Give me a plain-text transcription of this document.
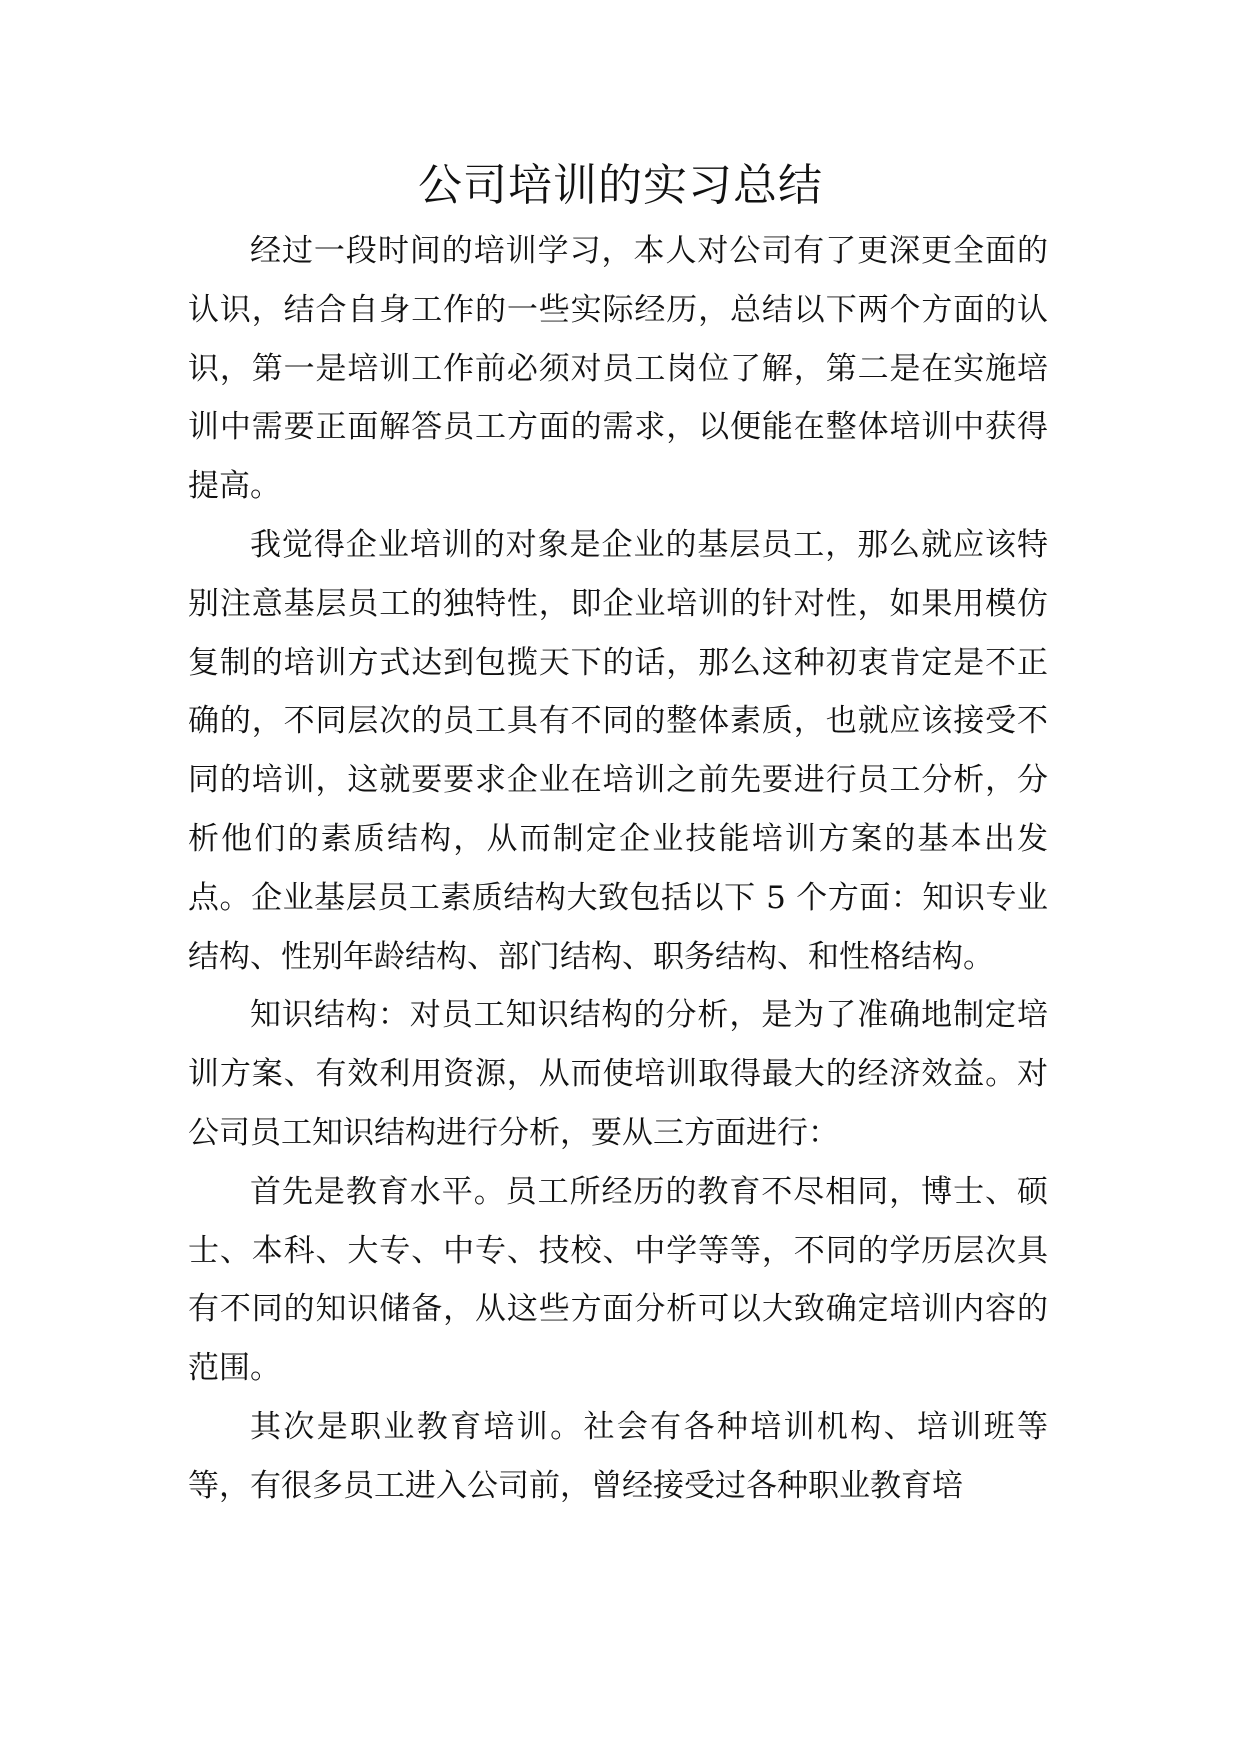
公司培训的实习总结

经过一段时间的培训学习，本人对公司有了更深更全面的认识，结合自身工作的一些实际经历，总结以下两个方面的认识，第一是培训工作前必须对员工岗位了解，第二是在实施培训中需要正面解答员工方面的需求，以便能在整体培训中获得提高。

我觉得企业培训的对象是企业的基层员工，那么就应该特别注意基层员工的独特性，即企业培训的针对性，如果用模仿复制的培训方式达到包揽天下的话，那么这种初衷肯定是不正确的，不同层次的员工具有不同的整体素质，也就应该接受不同的培训，这就要要求企业在培训之前先要进行员工分析，分析他们的素质结构，从而制定企业技能培训方案的基本出发点。企业基层员工素质结构大致包括以下 5 个方面：知识专业结构、性别年龄结构、部门结构、职务结构、和性格结构。

知识结构：对员工知识结构的分析，是为了准确地制定培训方案、有效利用资源，从而使培训取得最大的经济效益。对公司员工知识结构进行分析，要从三方面进行：

首先是教育水平。员工所经历的教育不尽相同，博士、硕士、本科、大专、中专、技校、中学等等，不同的学历层次具有不同的知识储备，从这些方面分析可以大致确定培训内容的范围。

其次是职业教育培训。社会有各种培训机构、培训班等等，有很多员工进入公司前，曾经接受过各种职业教育培
